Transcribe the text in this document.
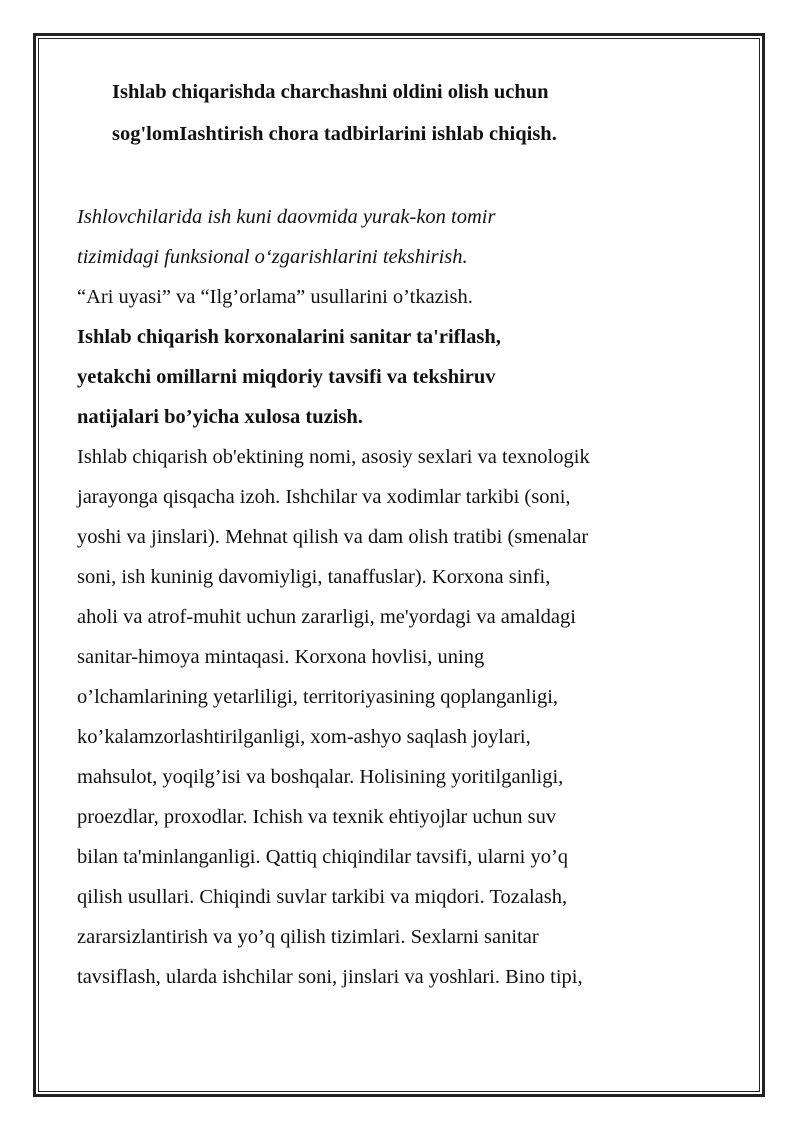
Ishlab chiqarishda charchashni oldini olish uchun
sog'lomIashtirish chora tadbirlarini ishlab chiqish.
Ishlovchilarida ish kuni daovmida yurak-kon tomir
tizimidagi funksional o‘zgarishlarini tekshirish.
“Ari uyasi” va “Ilg’orlama” usullarini o’tkazish.
Ishlab chiqarish korxonalarini sanitar ta'riflash,
yetakchi omillarni miqdoriy tavsifi va tekshiruv
natijalari bo’yicha xulosa tuzish.
Ishlab chiqarish ob'ektining nomi, asosiy sexlari va texnologik
jarayonga qisqacha izoh. Ishchilar va xodimlar tarkibi (soni,
yoshi va jinslari). Mehnat qilish va dam olish tratibi (smenalar
soni, ish kuninig davomiyligi, tanaffuslar). Korxona sinfi,
aholi va atrof-muhit uchun zararligi, me'yordagi va amaldagi
sanitar-himoya mintaqasi. Korxona hovlisi, uning
o’lchamlarining yetarliligi, territoriyasining qoplanganligi,
ko’kalamzorlashtirilganligi, xom-ashyo saqlash joylari,
mahsulot, yoqilg’isi va boshqalar. Holisining yoritilganligi,
proezdlar, proxodlar. Ichish va texnik ehtiyojlar uchun suv
bilan ta'minlanganligi. Qattiq chiqindilar tavsifi, ularni yo’q
qilish usullari. Chiqindi suvlar tarkibi va miqdori. Tozalash,
zararsizlantirish va yo’q qilish tizimlari. Sexlarni sanitar
tavsiflash, ularda ishchilar soni, jinslari va yoshlari. Bino tipi,
